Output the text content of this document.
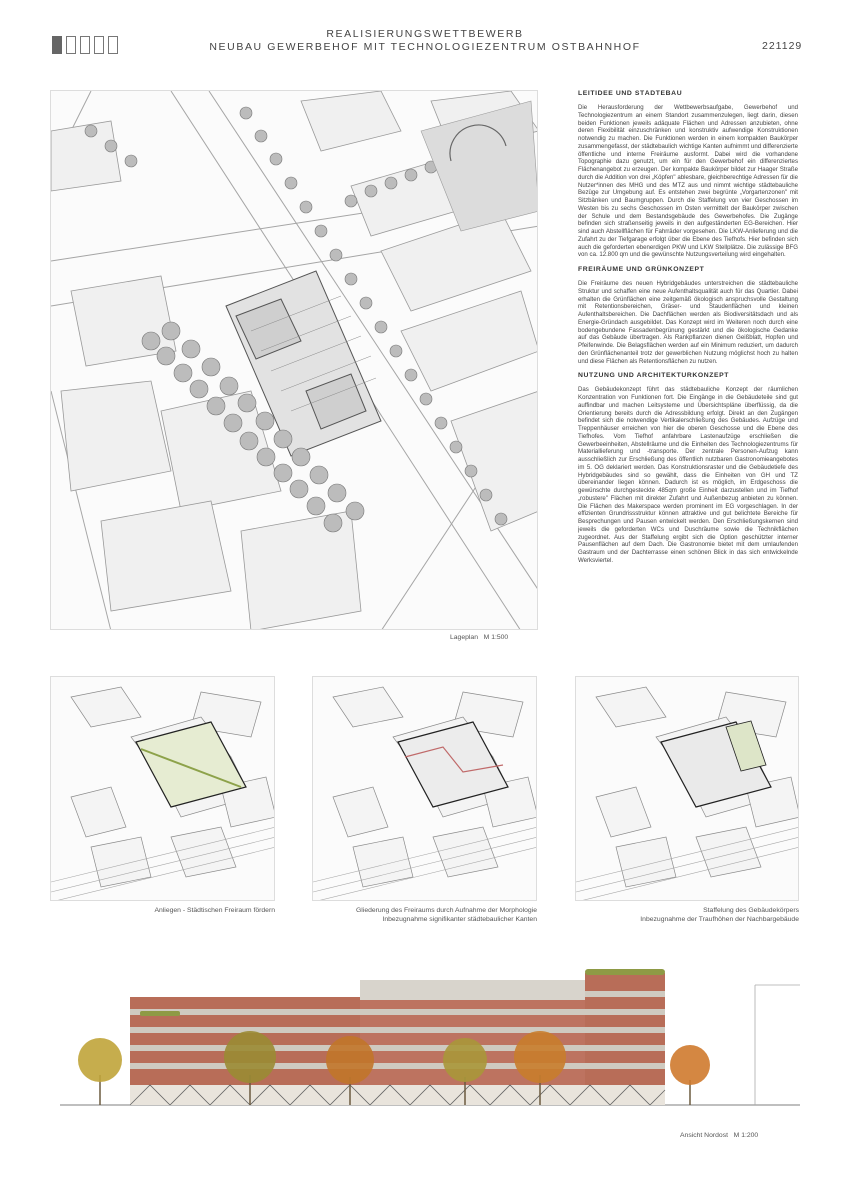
REALISIERUNGSWETTBEWERB
NEUBAU GEWERBEHOF MIT TECHNOLOGIEZENTRUM OSTBAHNHOF	221129
Lageplan M 1:500
LEITIDEE UND STÄDTEBAU

Die Herausforderung der Wettbewerbsaufgabe, Gewerbehof und Technologiezentrum an einem Standort zusammenzulegen, liegt darin, diesen beiden Funktionen jeweils adäquate Flächen und Adressen anzubieten, ohne deren Flexibilität einzuschränken und konstruktiv aufwendige Konstruktionen notwendig zu machen. Die Funktionen werden in einem kompakten Baukörper zusammengefasst, der städtebaulich wichtige Kanten aufnimmt und differenzierte öffentliche und interne Freiräume ausformt. Dabei wird die vorhandene Topographie dazu genutzt, um ein für den Gewerbehof ein differenziertes Flächenangebot zu erzeugen. Der kompakte Baukörper bildet zur Haager Straße durch die Addition von drei „Köpfen" ablesbare, gleichberechtige Adressen für die Nutzer*innen des MHG und des MTZ aus und nimmt wichtige städtebauliche Bezüge zur Umgebung auf. Es entstehen zwei begrünte „Vorgartenzonen" mit Sitzbänken und Baumgruppen. Durch die Staffelung von vier Geschossen im Westen bis zu sechs Geschossen im Osten vermittelt der Baukörper zwischen der Schule und dem Bestandsgebäude des Gewerbehofes. Die Zugänge befinden sich straßenseitig jeweils in den aufgeständerten EG-Bereichen. Hier sind auch Abstellflächen für Fahrräder vorgesehen. Die LKW-Anlieferung und die Zufahrt zu der Tiefgarage erfolgt über die Ebene des Tiefhofs. Hier befinden sich auch die geforderten ebenerdigen PKW und LKW Stellplätze. Die zulässige BFG von ca. 12.800 qm und die gewünschte Nutzungsverteilung wird eingehalten.

FREIRÄUME UND GRÜNKONZEPT

Die Freiräume des neuen Hybridgebäudes unterstreichen die städtebauliche Struktur und schaffen eine neue Aufenthaltsqualität auch für das Quartier. Dabei erhalten die Grünflächen eine zeitgemäß ökologisch anspruchsvolle Gestaltung mit Retentionsbereichen, Gräser- und Staudenflächen und kleinen Aufenthaltsbereichen. Die Dachflächen werden als Biodiversitätsdach und als Energie-Gründach ausgebildet. Das Konzept wird im Weiteren noch durch eine bodengebundene Fassadenbegrünung gestärkt und die ökologische Gedanke auf das Gebäude übertragen. Als Rankpflanzen dienen Geißblatt, Hopfen und Pfeifenwinde. Die Belagsflächen werden auf ein Minimum reduziert, um dadurch den Grünflächenanteil trotz der gewerblichen Nutzung möglichst hoch zu halten und diese Flächen als Retentionsflächen zu nutzen.

NUTZUNG UND ARCHITEKTURKONZEPT

Das Gebäudekonzept führt das städtebauliche Konzept der räumlichen Konzentration von Funktionen fort. Die Eingänge in die Gebäudeteile sind gut auffindbar und machen Leitsysteme und Übersichtspläne überflüssig, da die Orientierung bereits durch die Adressbildung erfolgt. Direkt an den Zugängen befindet sich die notwendige Vertikalerschließung des Gebäudes. Aufzüge und Treppenhäuser erreichen von hier die oberen Geschosse und die Ebene des Tiefhofes. Vom Tiefhof anfahrbare Lastenaufzüge erschließen die Gewerbeeinheiten, Abstellräume und die Einheiten des Technologiezentrums für Materiallieferung und -transporte. Der zentrale Personen-Aufzug kann ausschließlich zur Erschließung des öffentlich nutzbaren Gastronomieangebotes im 5. OG deklariert werden. Das Konstruktionsraster und die Gebäudetiefe des Hybridgebäudes sind so gewählt, dass die Einheiten von GH und TZ übereinander liegen können. Dadurch ist es möglich, im Erdgeschoss die gewünschte durchgesteckte 485qm große Einheit darzustellen und im Tiefhof „robustere" Flächen mit direkter Zufahrt und Außenbezug anbieten zu können. Die Flächen des Makerspace werden prominent im EG vorgeschlagen. In der effizienten Grundrissstruktur können attraktive und gut belichtete Bereiche für Besprechungen und Pausen entwickelt werden. Den Erschließungskernen sind jeweils die geforderten WCs und Duschräume sowie die Technikflächen zugeordnet. Aus der Staffelung ergibt sich die Option geschützter interner Pausenflächen auf dem Dach. Die Gastronomie bietet mit dem umlaufenden Gastraum und der Dachterrasse einen schönen Blick in das sich entwickelnde Werksviertel.

Anliegen - Städtischen Freiraum fördern	Gliederung des Freiraums durch Aufnahme der Morphologie
Inbezugnahme signifikanter städtebaulicher Kanten
Staffelung des Gebäudekörpers
Inbezugnahme der Traufhöhen der Nachbargebäude
Ansicht Nordost M 1:200
